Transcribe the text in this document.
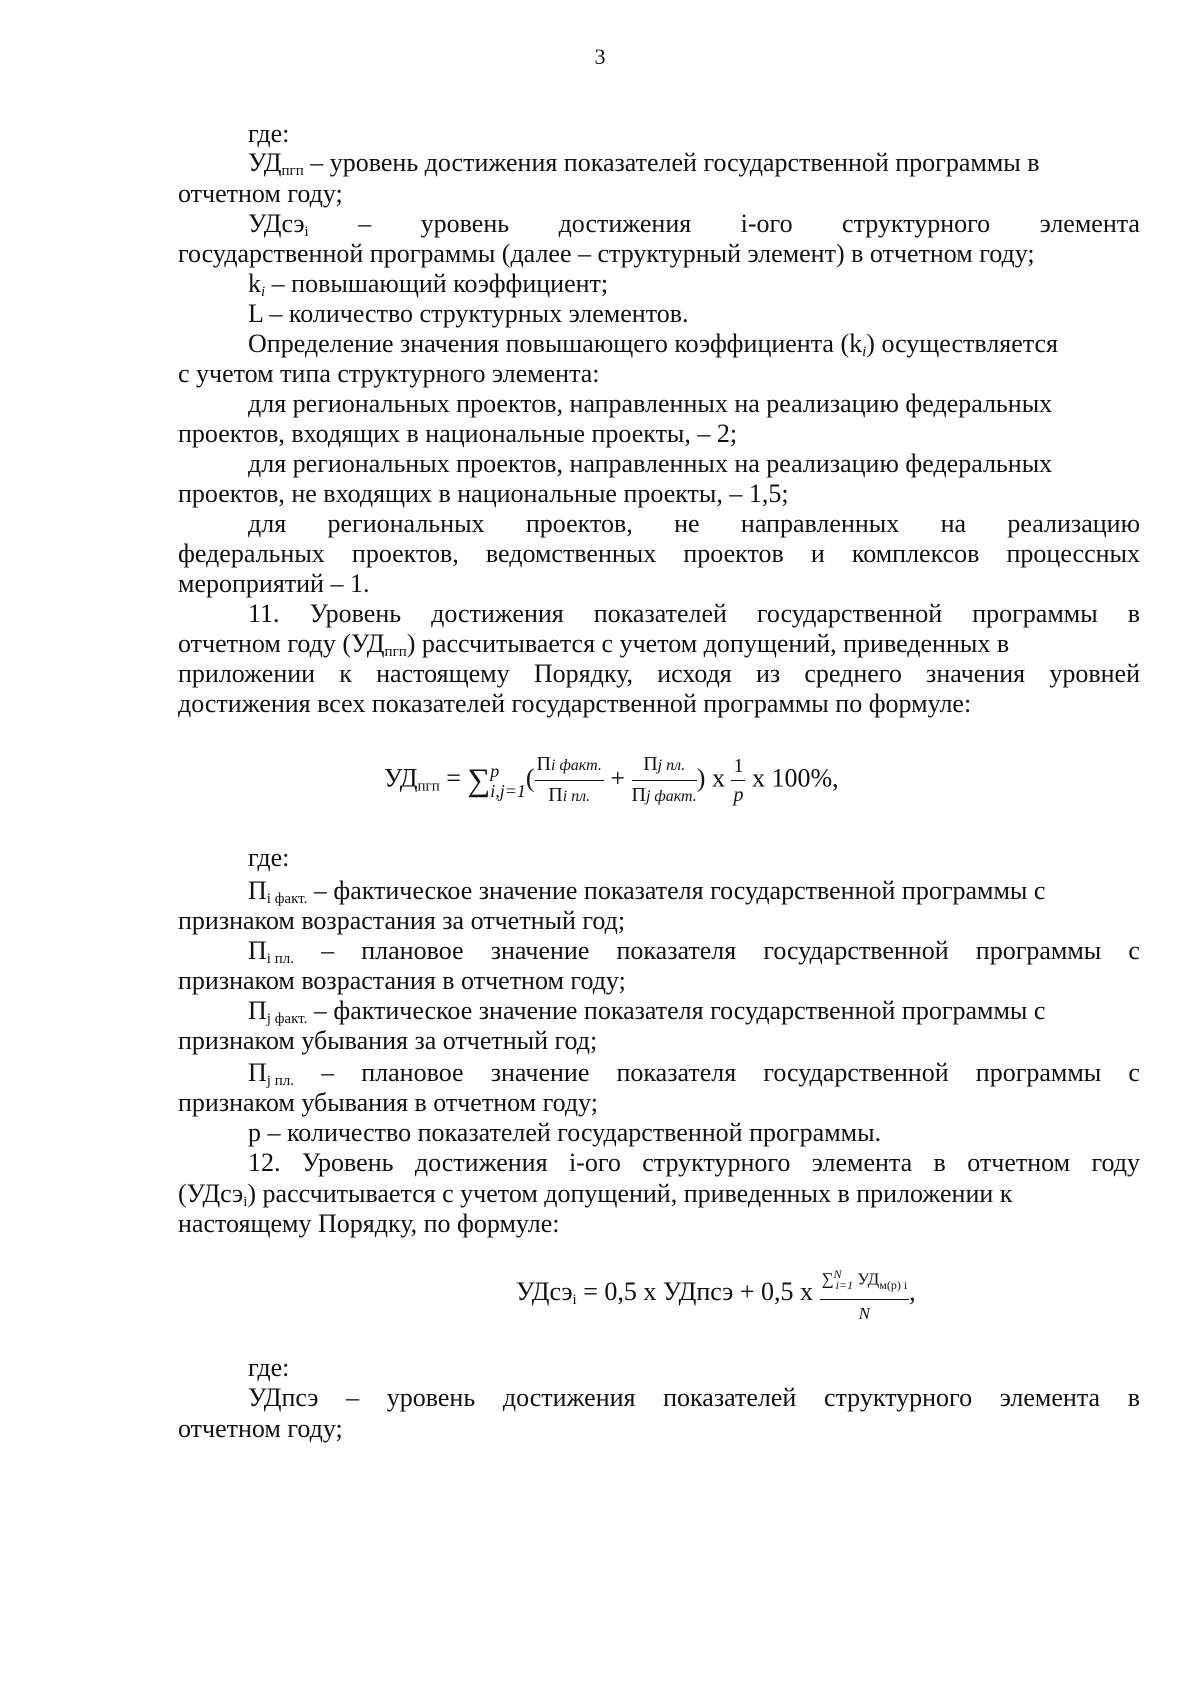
3
где:
$УД_{пгп}$ – уровень достижения показателей государственной программы в
отчетном году;
УДсэ$_i$ – уровень достижения i-ого структурного элемента
государственной программы (далее – структурный элемент) в отчетном году;
$k_i$ – повышающий коэффициент;
L – количество структурных элементов.
Определение значения повышающего коэффициента $(k_i)$ осуществляется
с учетом типа структурного элемента:
для региональных проектов, направленных на реализацию федеральных
проектов, входящих в национальные проекты, – 2;
для региональных проектов, направленных на реализацию федеральных
проектов, не входящих в национальные проекты, – 1,5;
для региональных проектов, не направленных на реализацию
федеральных проектов, ведомственных проектов и комплексов процессных
мероприятий – 1.
11. Уровень достижения показателей государственной программы в
отчетном году $(УД_{пгп})$ рассчитывается с учетом допущений, приведенных в
приложении к настоящему Порядку, исходя из среднего значения уровней
достижения всех показателей государственной программы по формуле:
$УД_{пгп}$ = ∑ p
i,j=1 ( $\frac{\text{Пi факт.}}{\text{Пi пл.}} + \frac{\text{Пj пл.}}{\text{Пj факт.}}$ ) x $\frac{1}{p}$ x 100%,
где:
$П_{i факт.}$ – фактическое значение показателя государственной программы с
признаком возрастания за отчетный год;
$П_{i пл.}$ – плановое значение показателя государственной программы с
признаком возрастания в отчетном году;
$П_{j факт.}$ – фактическое значение показателя государственной программы с
признаком убывания за отчетный год;
$П_{j пл.}$ – плановое значение показателя государственной программы с
признаком убывания в отчетном году;
p – количество показателей государственной программы.
12. Уровень достижения i-ого структурного элемента в отчетном году
(УДсэ$_i$) рассчитывается с учетом допущений, приведенных в приложении к
настоящему Порядку, по формуле:
УДсэ$_i$ = 0,5 x УДпсэ + 0,5 x $\frac{\sum^N_{i=1} УД_{м(р) i}}{N}$ ,
где:
УДпсэ – уровень достижения показателей структурного элемента в
отчетном году;
